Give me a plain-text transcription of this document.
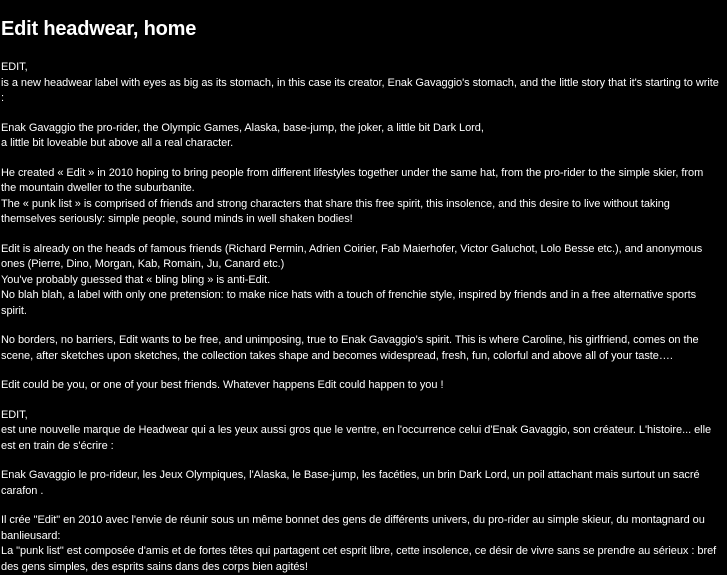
Edit headwear, home

EDIT,
is a new headwear label with eyes as big as its stomach, in this case its creator, Enak Gavaggio's stomach, and the little story that it's starting to write :

Enak Gavaggio the pro-rider, the Olympic Games, Alaska, base-jump, the joker, a little bit Dark Lord,
a little bit loveable but above all a real character.

He created « Edit » in 2010 hoping to bring people from different lifestyles together under the same hat, from the pro-rider to the simple skier, from the mountain dweller to the suburbanite.
The « punk list » is comprised of friends and strong characters that share this free spirit, this insolence, and this desire to live without taking themselves seriously: simple people, sound minds in well shaken bodies!

Edit is already on the heads of famous friends (Richard Permin, Adrien Coirier, Fab Maierhofer, Victor Galuchot, Lolo Besse etc.), and anonymous ones (Pierre, Dino, Morgan, Kab, Romain, Ju, Canard etc.)
You've probably guessed that « bling bling » is anti-Edit.
No blah blah, a label with only one pretension: to make nice hats with a touch of frenchie style, inspired by friends and in a free alternative sports spirit.

No borders, no barriers, Edit wants to be free, and unimposing, true to Enak Gavaggio's spirit. This is where Caroline, his girlfriend, comes on the scene, after sketches upon sketches, the collection takes shape and becomes widespread, fresh, fun, colorful and above all of your taste….

Edit could be you, or one of your best friends. Whatever happens Edit could happen to you !

EDIT,
est une nouvelle marque de Headwear qui a les yeux aussi gros que le ventre, en l'occurrence celui d'Enak Gavaggio, son créateur. L'histoire... elle est en train de s'écrire :

Enak Gavaggio le pro-rideur, les Jeux Olympiques, l'Alaska, le Base-jump, les facéties, un brin Dark Lord, un poil attachant mais surtout un sacré carafon .

Il crée "Edit" en 2010 avec l'envie de réunir sous un même bonnet des gens de différents univers, du pro-rider au simple skieur, du montagnard ou banlieusard:
La "punk list" est composée d'amis et de fortes têtes qui partagent cet esprit libre, cette insolence, ce désir de vivre sans se prendre au sérieux : bref des gens simples, des esprits sains dans des corps bien agités!
